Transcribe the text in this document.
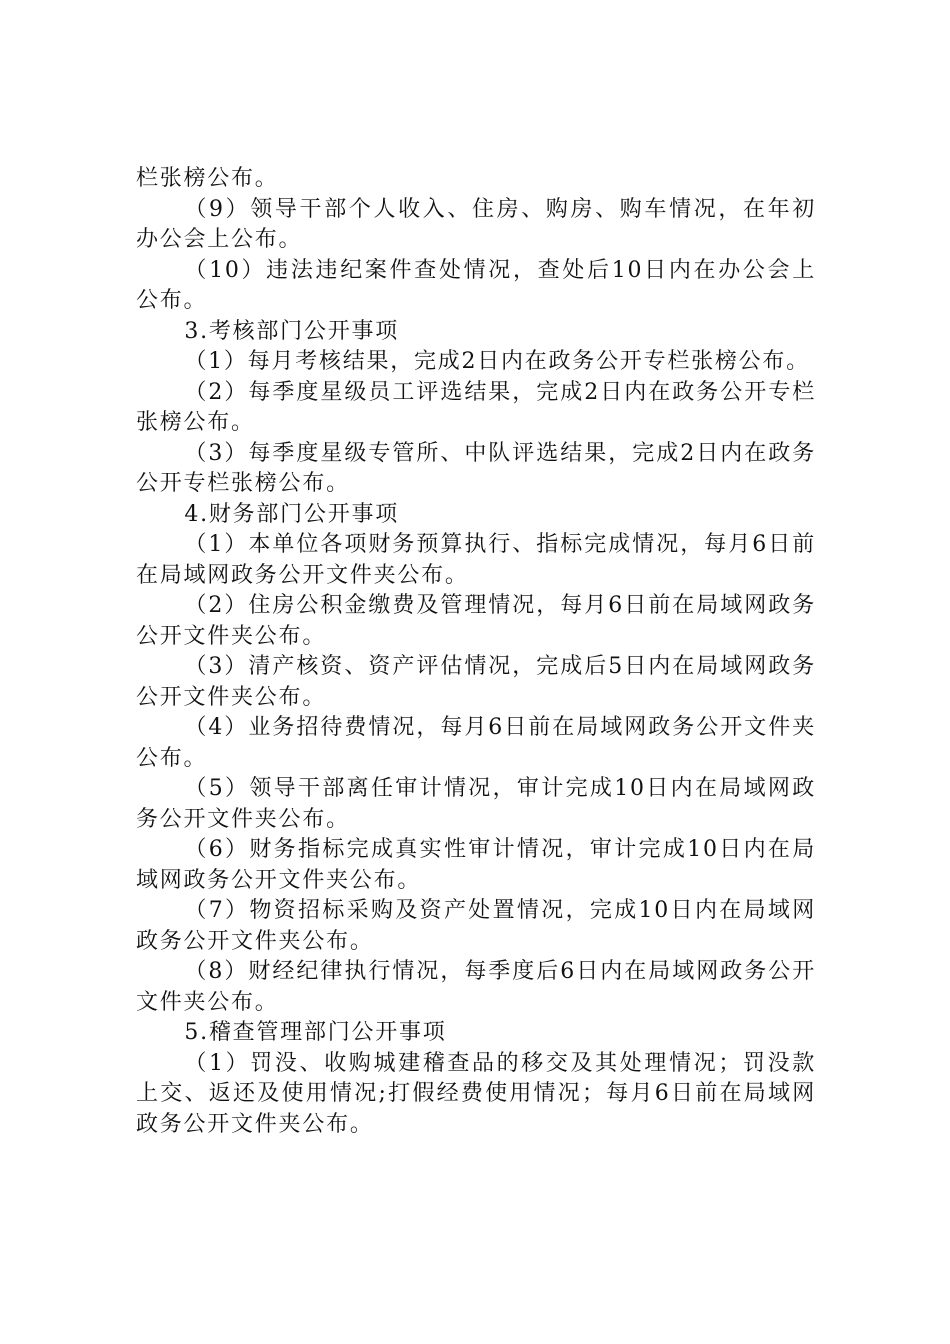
栏张榜公布。

（9）领导干部个人收入、住房、购房、购车情况，在年初办公会上公布。

（10）违法违纪案件查处情况，查处后10日内在办公会上公布。

3.考核部门公开事项

（1）每月考核结果，完成2日内在政务公开专栏张榜公布。

（2）每季度星级员工评选结果，完成2日内在政务公开专栏张榜公布。

（3）每季度星级专管所、中队评选结果，完成2日内在政务公开专栏张榜公布。

4.财务部门公开事项

（1）本单位各项财务预算执行、指标完成情况，每月6日前在局域网政务公开文件夹公布。

（2）住房公积金缴费及管理情况，每月6日前在局域网政务公开文件夹公布。

（3）清产核资、资产评估情况，完成后5日内在局域网政务公开文件夹公布。

（4）业务招待费情况，每月6日前在局域网政务公开文件夹公布。

（5）领导干部离任审计情况，审计完成10日内在局域网政务公开文件夹公布。

（6）财务指标完成真实性审计情况，审计完成10日内在局域网政务公开文件夹公布。

（7）物资招标采购及资产处置情况，完成10日内在局域网政务公开文件夹公布。

（8）财经纪律执行情况，每季度后6日内在局域网政务公开文件夹公布。

5.稽查管理部门公开事项

（1）罚没、收购城建稽查品的移交及其处理情况；罚没款上交、返还及使用情况;打假经费使用情况；每月6日前在局域网政务公开文件夹公布。
